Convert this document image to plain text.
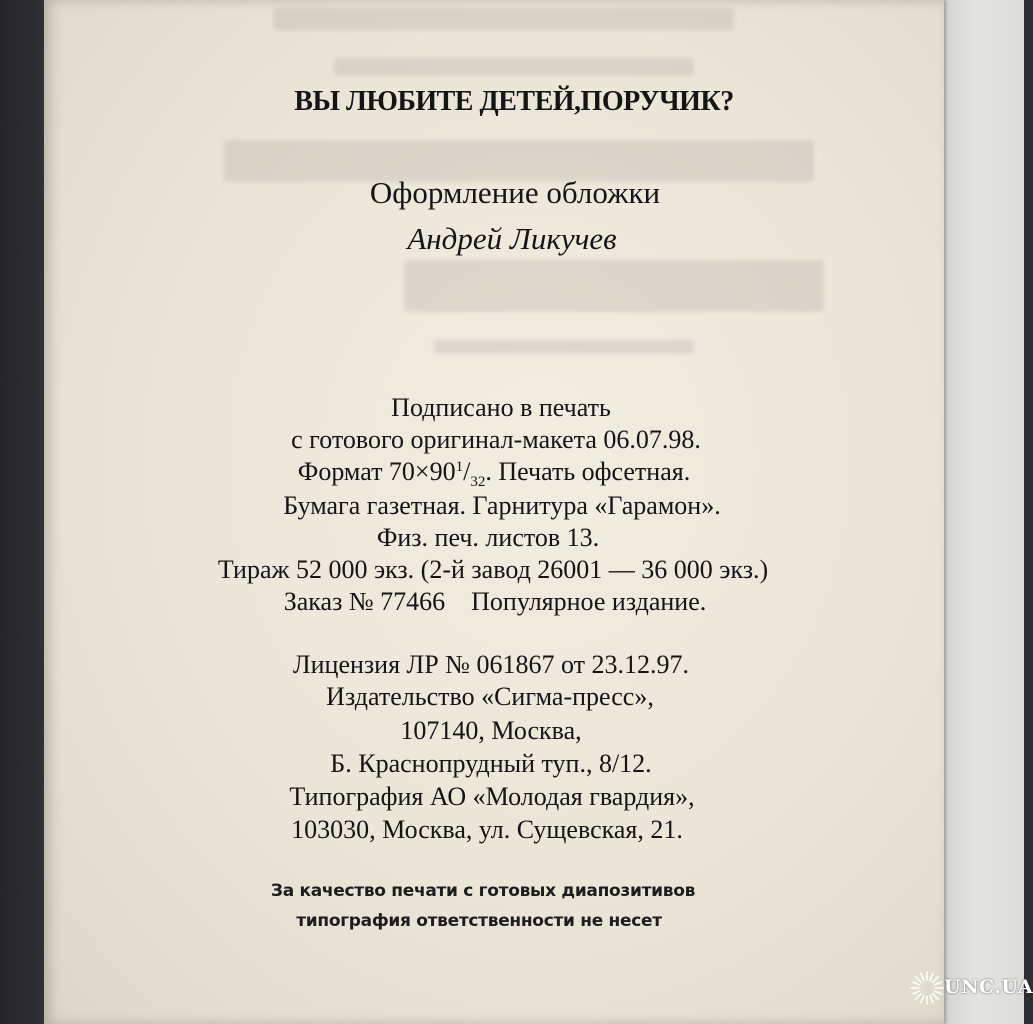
ВЫ ЛЮБИТЕ ДЕТЕЙ,ПОРУЧИК?
Оформление обложки
Андрей Ликучев
Подписано в печать
с готового оригинал-макета 06.07.98.
Формат $70\times 90^1/_{32}$. Печать офсетная.
Бумага газетная. Гарнитура «Гарамон».
Физ. печ. листов 13.
Тираж 52 000 экз. (2-й завод 26001 — 36 000 экз.)
Заказ № 77466    Популярное издание.
Лицензия ЛР № 061867 от 23.12.97.
Издательство «Сигма-пресс»,
107140, Москва,
Б. Краснопрудный туп., 8/12.
Типография АО «Молодая гвардия»,
103030, Москва, ул. Сущевская, 21.
За качество печати с готовых диапозитивов
типография ответственности не несет
UNC.UA
